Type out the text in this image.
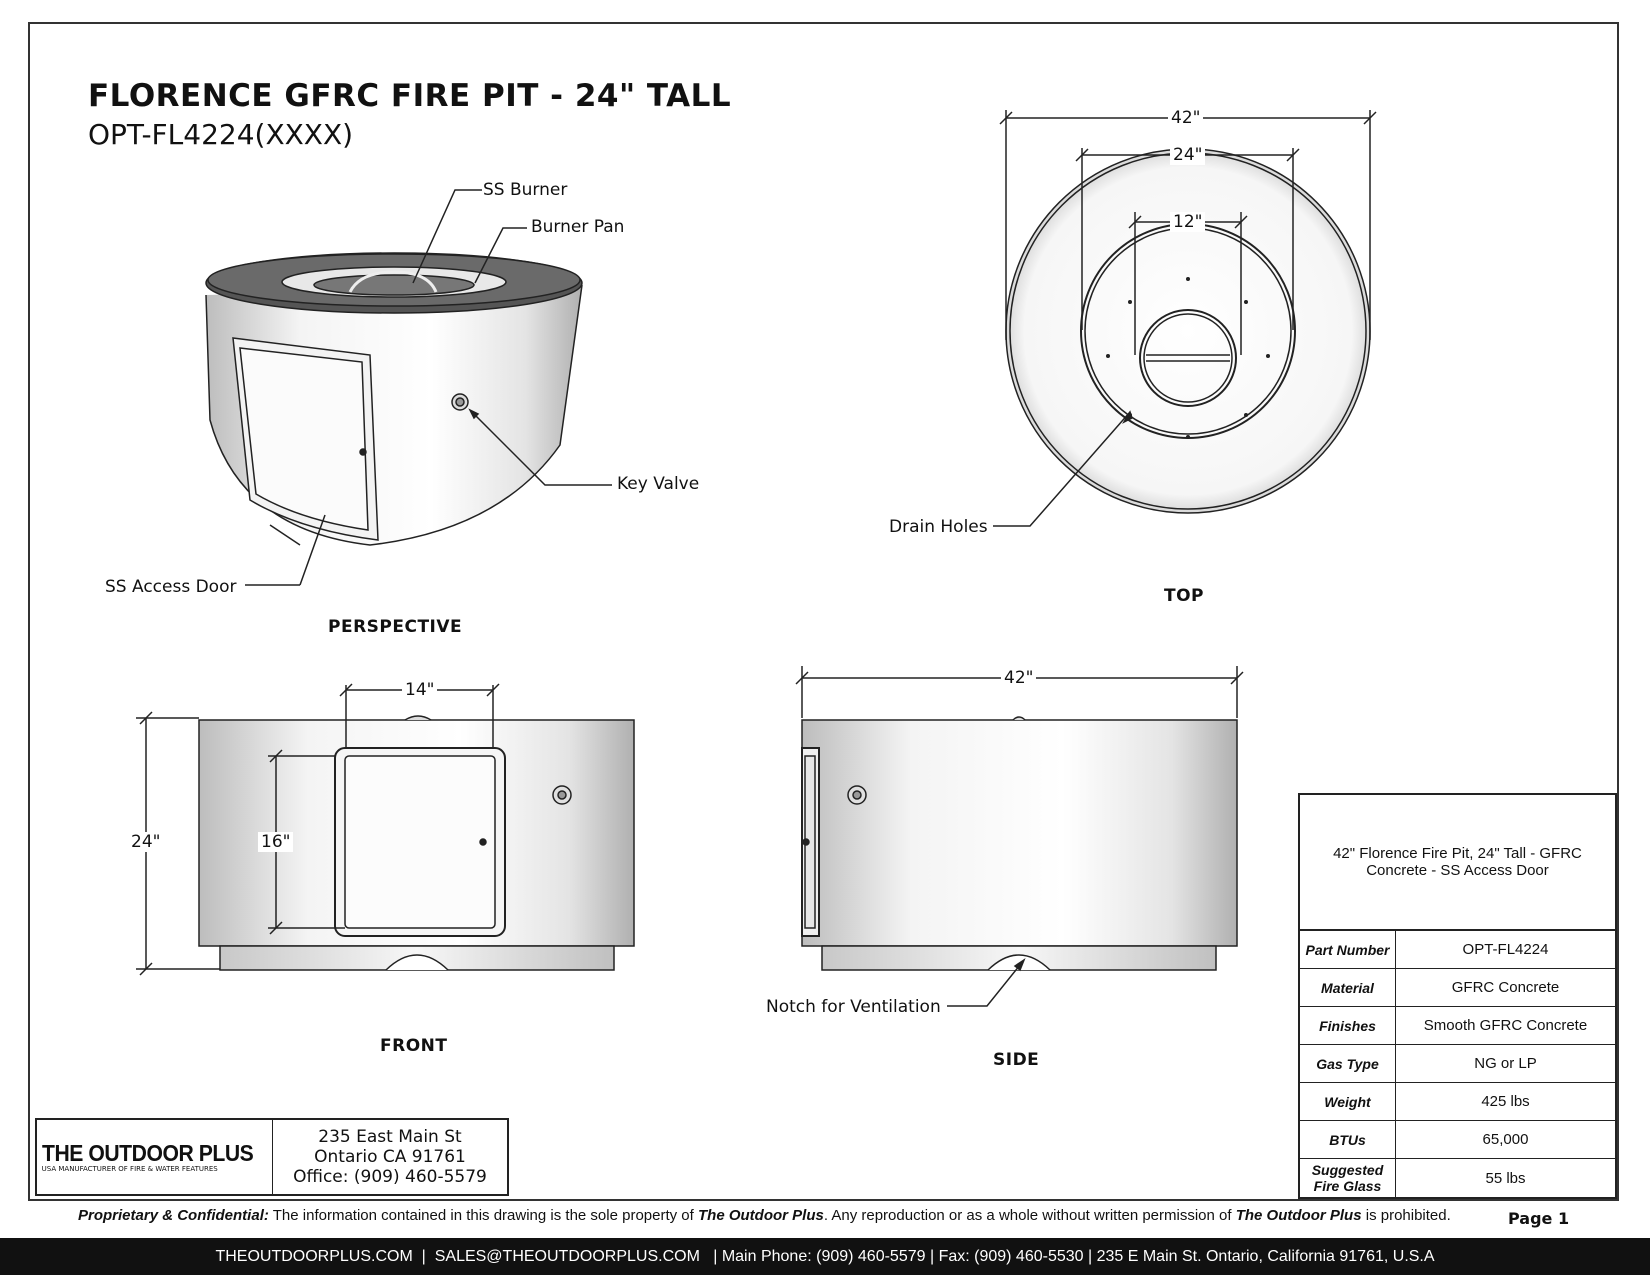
FLORENCE GFRC FIRE PIT - 24" TALL
OPT-FL4224(XXXX)
PERSPECTIVE
TOP
FRONT
SIDE
SS Burner
Burner Pan
Key Valve
SS Access Door
Drain Holes
Notch for Ventilation
42"
24"
12"
14"
24"	16"
42"
THE OUTDOOR PLUS
USA MANUFACTURER OF FIRE & WATER FEATURES
235 East Main St
Ontario CA 91761
Office: (909) 460-5579
42" Florence Fire Pit, 24" Tall - GFRC Concrete - SS Access Door
Part Number	OPT-FL4224
Material	GFRC Concrete
Finishes	Smooth GFRC Concrete
Gas Type	NG or LP
Weight	425 lbs
BTUs	65,000
Suggested Fire Glass	55 lbs
Proprietary & Confidential: The information contained in this drawing is the sole property of The Outdoor Plus. Any reproduction or as a whole without written permission of The Outdoor Plus is prohibited.	Page 1
THEOUTDOORPLUS.COM  |  SALES@THEOUTDOORPLUS.COM   | Main Phone: (909) 460-5579 | Fax: (909) 460-5530 | 235 E Main St. Ontario, California 91761, U.S.A
